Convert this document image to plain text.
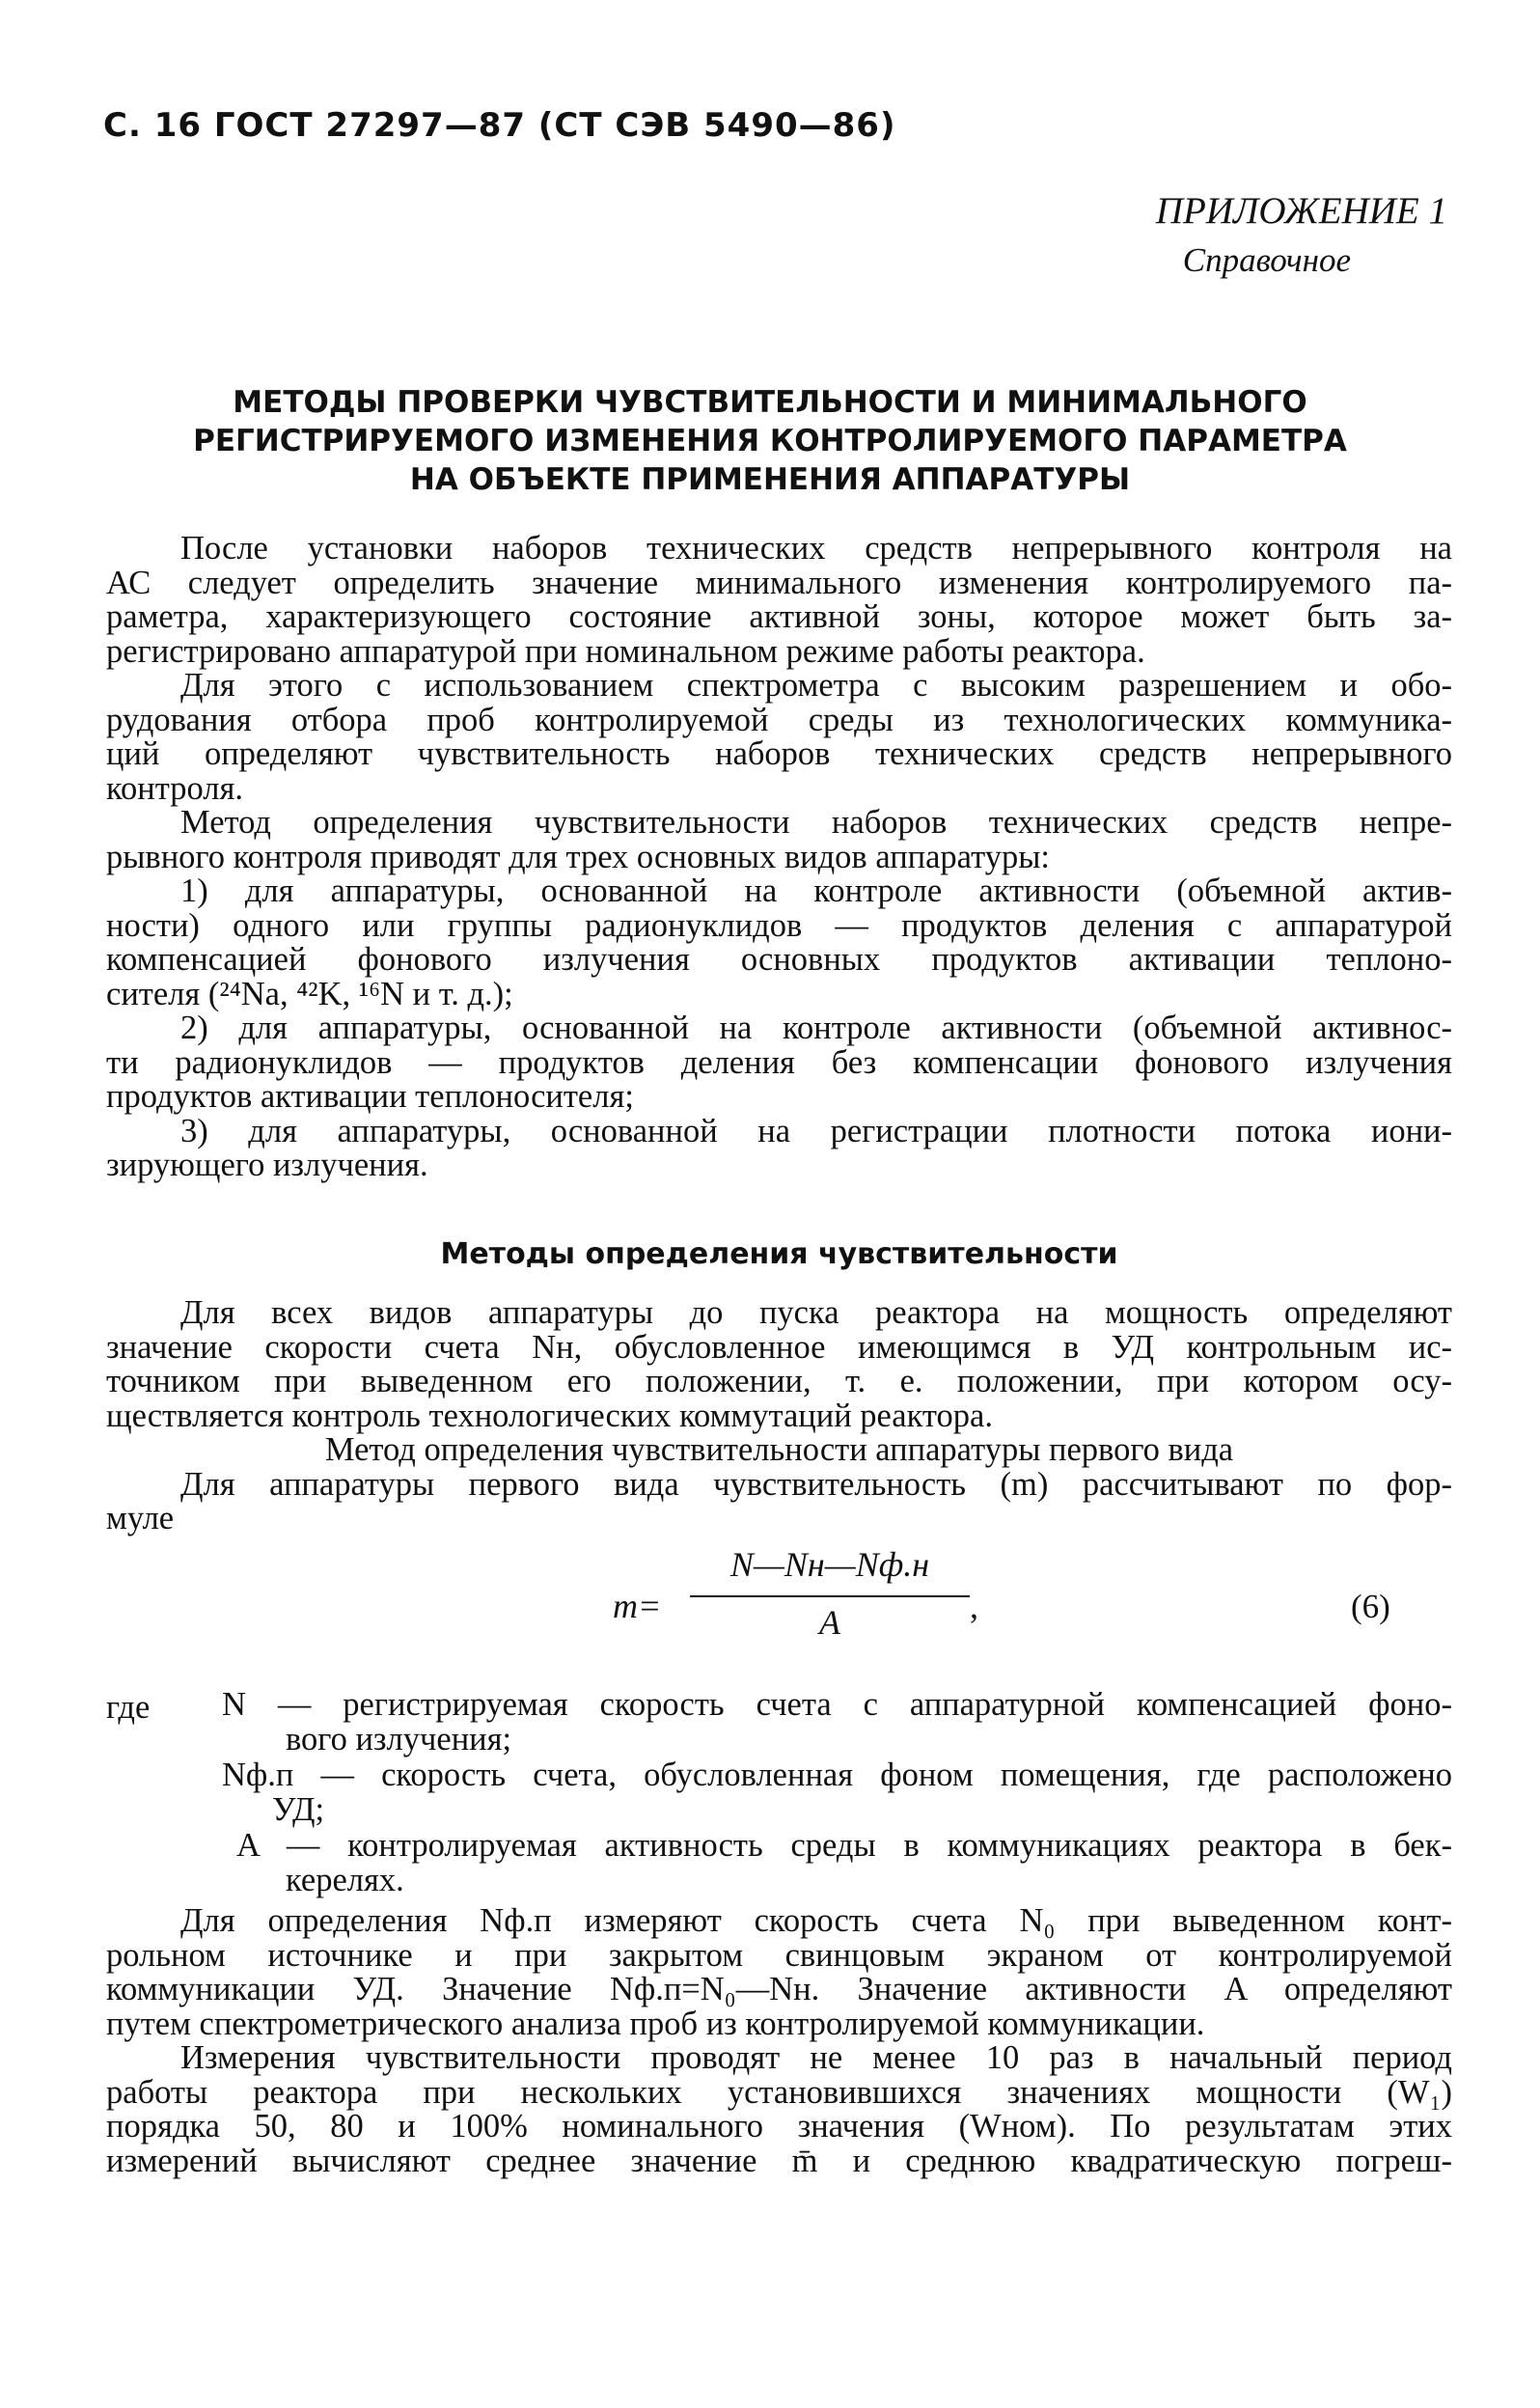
С. 16 ГОСТ 27297—87 (СТ СЭВ 5490—86)
ПРИЛОЖЕНИЕ 1
Справочное
МЕТОДЫ ПРОВЕРКИ ЧУВСТВИТЕЛЬНОСТИ И МИНИМАЛЬНОГО
РЕГИСТРИРУЕМОГО ИЗМЕНЕНИЯ КОНТРОЛИРУЕМОГО ПАРАМЕТРА
НА ОБЪЕКТЕ ПРИМЕНЕНИЯ АППАРАТУРЫ
После установки наборов технических средств непрерывного контроля на
АС следует определить значение минимального изменения контролируемого па-
раметра, характеризующего состояние активной зоны, которое может быть за-
регистрировано аппаратурой при номинальном режиме работы реактора.
Для этого с использованием спектрометра с высоким разрешением и обо-
рудования отбора проб контролируемой среды из технологических коммуника-
ций определяют чувствительность наборов технических средств непрерывного
контроля.
Метод определения чувствительности наборов технических средств непре-
рывного контроля приводят для трех основных видов аппаратуры:
1) для аппаратуры, основанной на контроле активности (объемной актив-
ности) одного или группы радионуклидов — продуктов деления с аппаратурой
компенсацией фонового излучения основных продуктов активации теплоно-
сителя (²⁴Na, ⁴²K, ¹⁶N и т. д.);
2) для аппаратуры, основанной на контроле активности (объемной активнос-
ти радионуклидов — продуктов деления без компенсации фонового излучения
продуктов активации теплоносителя;
3) для аппаратуры, основанной на регистрации плотности потока иони-
зирующего излучения.
Методы определения чувствительности
Для всех видов аппаратуры до пуска реактора на мощность определяют
значение скорости счета Nн, обусловленное имеющимся в УД контрольным ис-
точником при выведенном его положении, т. е. положении, при котором осу-
ществляется контроль технологических коммутаций реактора.
Метод определения чувствительности аппаратуры первого вида
Для аппаратуры первого вида чувствительность (m) рассчитывают по фор-
муле
m=
N—Nн—Nф.н
A	,	(6)
где N — регистрируемая скорость счета с аппаратурной компенсацией фоно-
вого излучения;
Nф.п — скорость счета, обусловленная фоном помещения, где расположено
УД;
A — контролируемая активность среды в коммуникациях реактора в бек-
керелях.
Для определения Nф.п измеряют скорость счета N₀ при выведенном конт-
рольном источнике и при закрытом свинцовым экраном от контролируемой
коммуникации УД. Значение Nф.п=N₀—Nн. Значение активности A определяют
путем спектрометрического анализа проб из контролируемой коммуникации.
Измерения чувствительности проводят не менее 10 раз в начальный период
работы реактора при нескольких установившихся значениях мощности (W₁)
порядка 50, 80 и 100% номинального значения (Wном). По результатам этих
измерений вычисляют среднее значение m̄ и среднюю квадратическую погреш-
